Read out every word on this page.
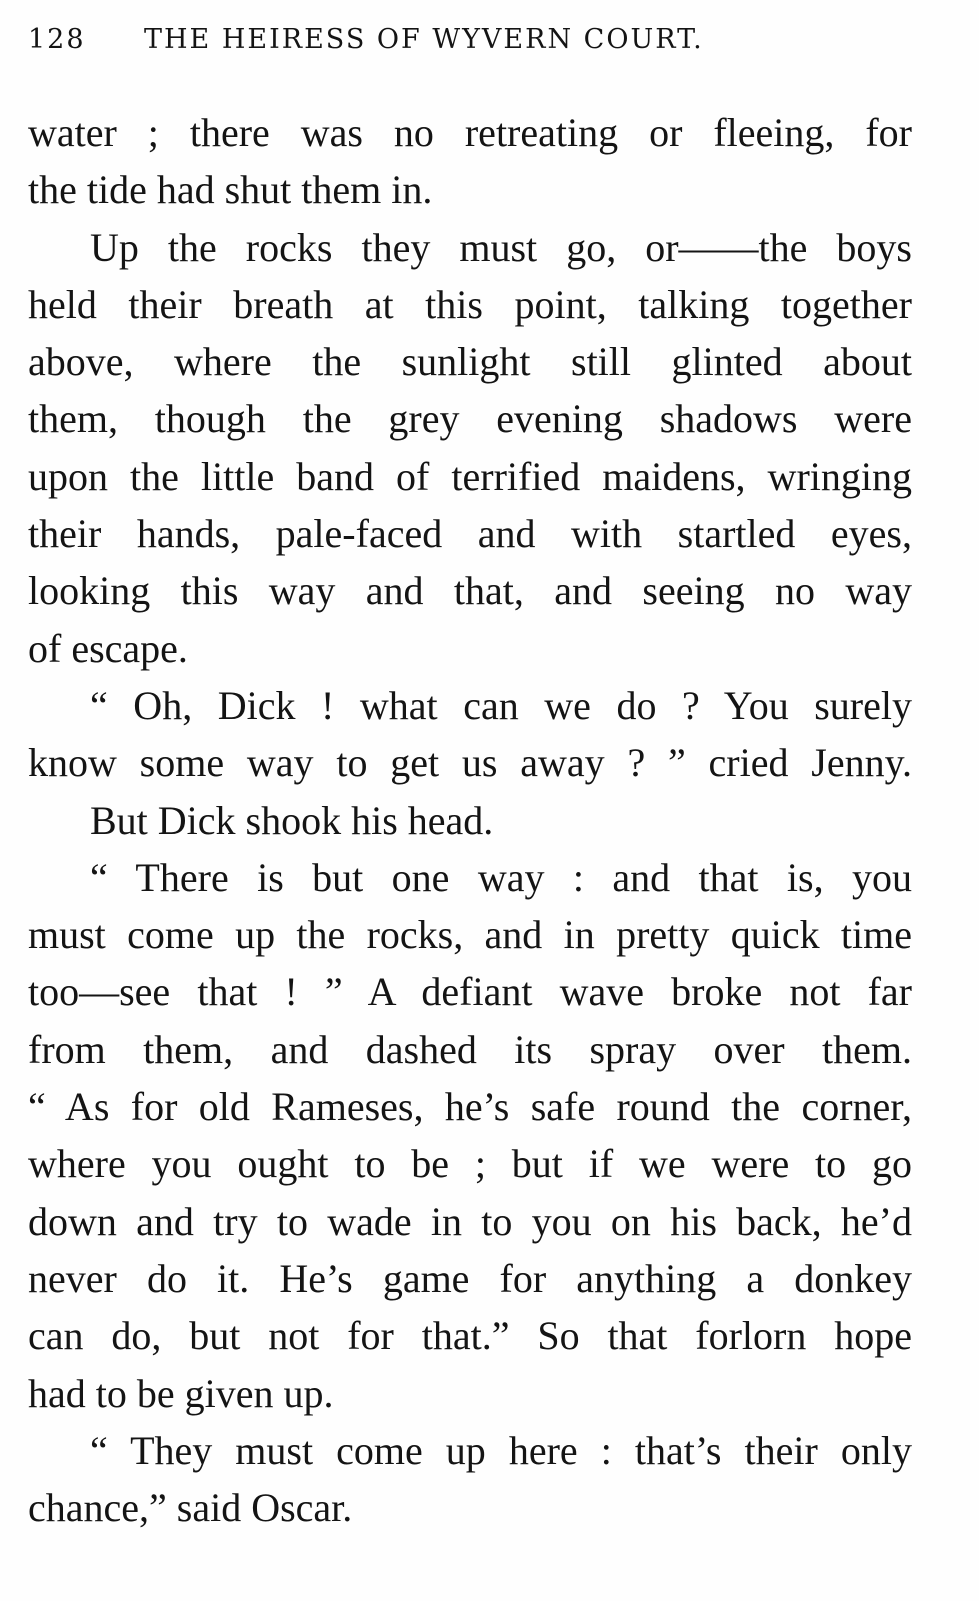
128 THE HEIRESS OF WYVERN COURT.
water ; there was no retreating or fleeing, for
the tide had shut them in.
Up the rocks they must go, or——the boys
held their breath at this point, talking together
above, where the sunlight still glinted about
them, though the grey evening shadows were
upon the little band of terrified maidens, wringing
their hands, pale-faced and with startled eyes,
looking this way and that, and seeing no way
of escape.
“ Oh, Dick ! what can we do ? You surely
know some way to get us away ? ” cried Jenny.
But Dick shook his head.
“ There is but one way : and that is, you
must come up the rocks, and in pretty quick time
too—see that ! ” A defiant wave broke not far
from them, and dashed its spray over them.
“ As for old Rameses, he’s safe round the corner,
where you ought to be ; but if we were to go
down and try to wade in to you on his back, he’d
never do it. He’s game for anything a donkey
can do, but not for that.” So that forlorn hope
had to be given up.
“ They must come up here : that’s their only
chance,” said Oscar.
